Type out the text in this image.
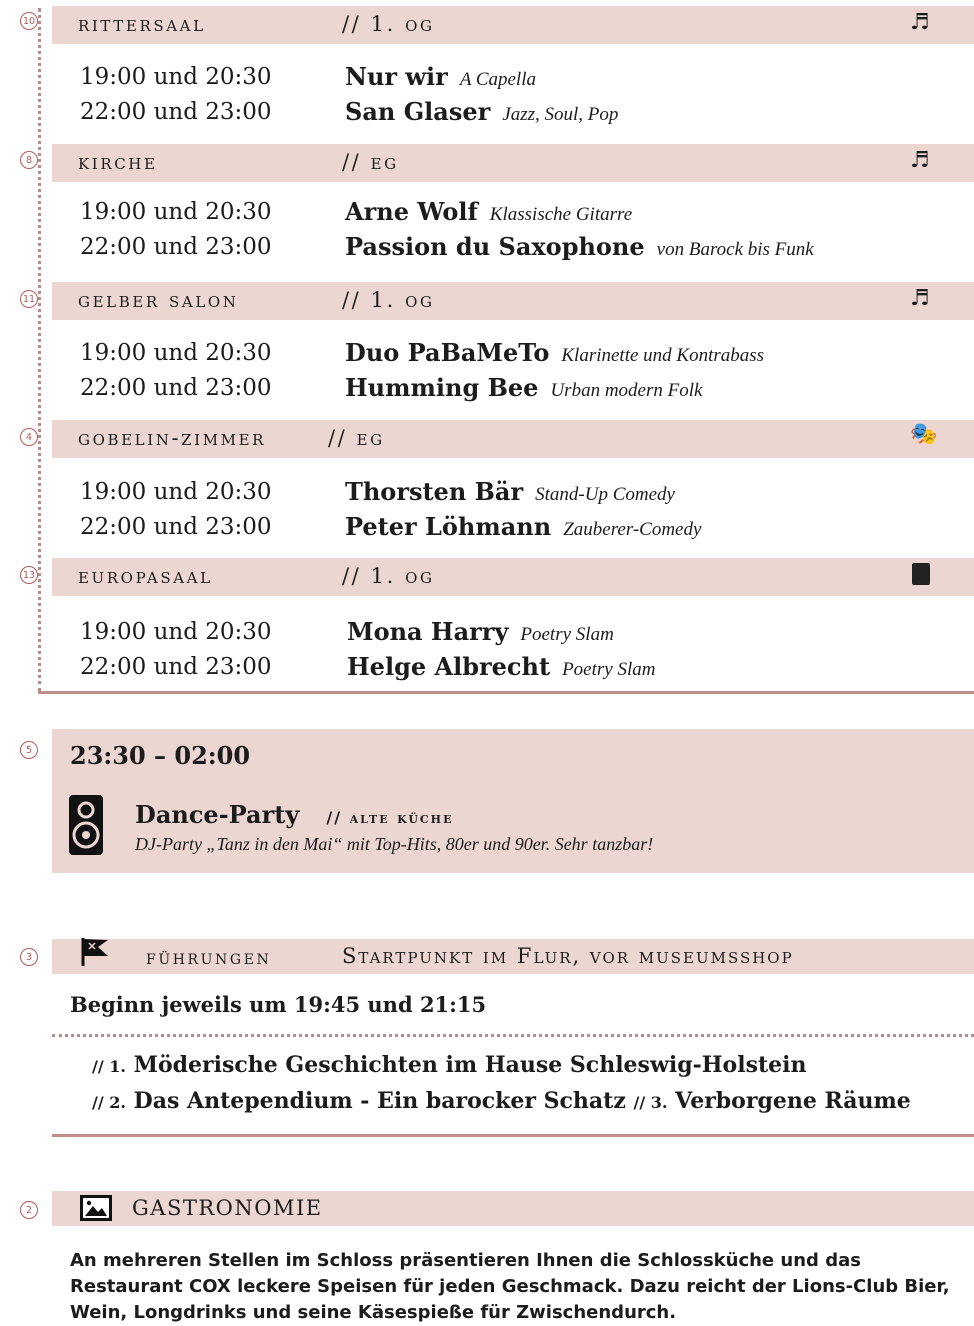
10 rittersaal	// 1. og	♬
19:00 und 20:30	Nur wir A Capella
22:00 und 23:00	San Glaser Jazz, Soul, Pop
8 kirche	// eg	♬
19:00 und 20:30	Arne Wolf Klassische Gitarre
22:00 und 23:00	Passion du Saxophone von Barock bis Funk
11 gelber salon	// 1. og	♬
19:00 und 20:30	Duo PaBaMeTo Klarinette und Kontrabass
22:00 und 23:00	Humming Bee Urban modern Folk
4 gobelin-zimmer	// eg	🎭
19:00 und 20:30	Thorsten Bär Stand-Up Comedy
22:00 und 23:00	Peter Löhmann Zauberer-Comedy
13 europasaal	// 1. og
19:00 und 20:30	Mona Harry Poetry Slam
22:00 und 23:00	Helge Albrecht Poetry Slam
5 23:30 – 02:00
Dance-Party // alte küche
DJ-Party „Tanz in den Mai“ mit Top-Hits, 80er und 90er. Sehr tanzbar!
3	führungen	Startpunkt im Flur, vor museumsshop
Beginn jeweils um 19:45 und 21:15
// 1. Möderische Geschichten im Hause Schleswig-Holstein
// 2. Das Antependium - Ein barocker Schatz // 3. Verborgene Räume
2	GASTRONOMIE
An mehreren Stellen im Schloss präsentieren Ihnen die Schlossküche und das Restaurant COX leckere Speisen für jeden Geschmack. Dazu reicht der Lions-Club Bier, Wein, Longdrinks und seine Käsespieße für Zwischendurch.
